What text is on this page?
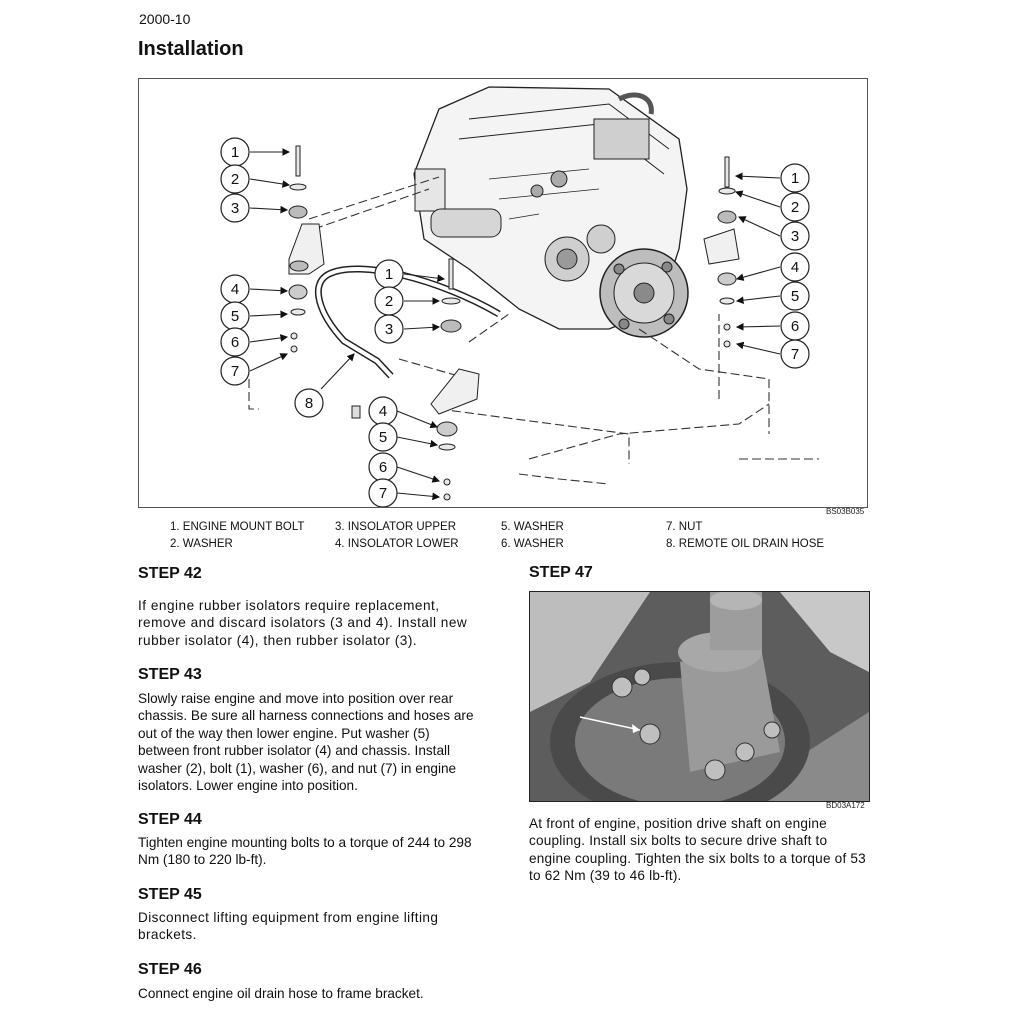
2000-10
Installation
1
2
3
4
5
6
7
1
2
3
8	4
5
6
7
1
2
3
4
5
6
7
BS03B035
1. ENGINE MOUNT BOLT
2. WASHER
3. INSOLATOR UPPER
4. INSOLATOR LOWER
5. WASHER
6. WASHER
7. NUT
8. REMOTE OIL DRAIN HOSE
STEP 42

If engine rubber isolators require replacement, remove and discard isolators (3 and 4). Install new rubber isolator (4), then rubber isolator (3).

STEP 43

Slowly raise engine and move into position over rear chassis. Be sure all harness connections and hoses are out of the way then lower engine. Put washer (5) between front rubber isolator (4) and chassis. Install washer (2), bolt (1), washer (6), and nut (7) in engine isolators. Lower engine into position.

STEP 44

Tighten engine mounting bolts to a torque of 244 to 298 Nm (180 to 220 lb-ft).

STEP 45

Disconnect lifting equipment from engine lifting brackets.

STEP 46

Connect engine oil drain hose to frame bracket.

STEP 47
BD03A172

At front of engine, position drive shaft on engine coupling. Install six bolts to secure drive shaft to engine coupling. Tighten the six bolts to a torque of 53 to 62 Nm (39 to 46 lb-ft).
